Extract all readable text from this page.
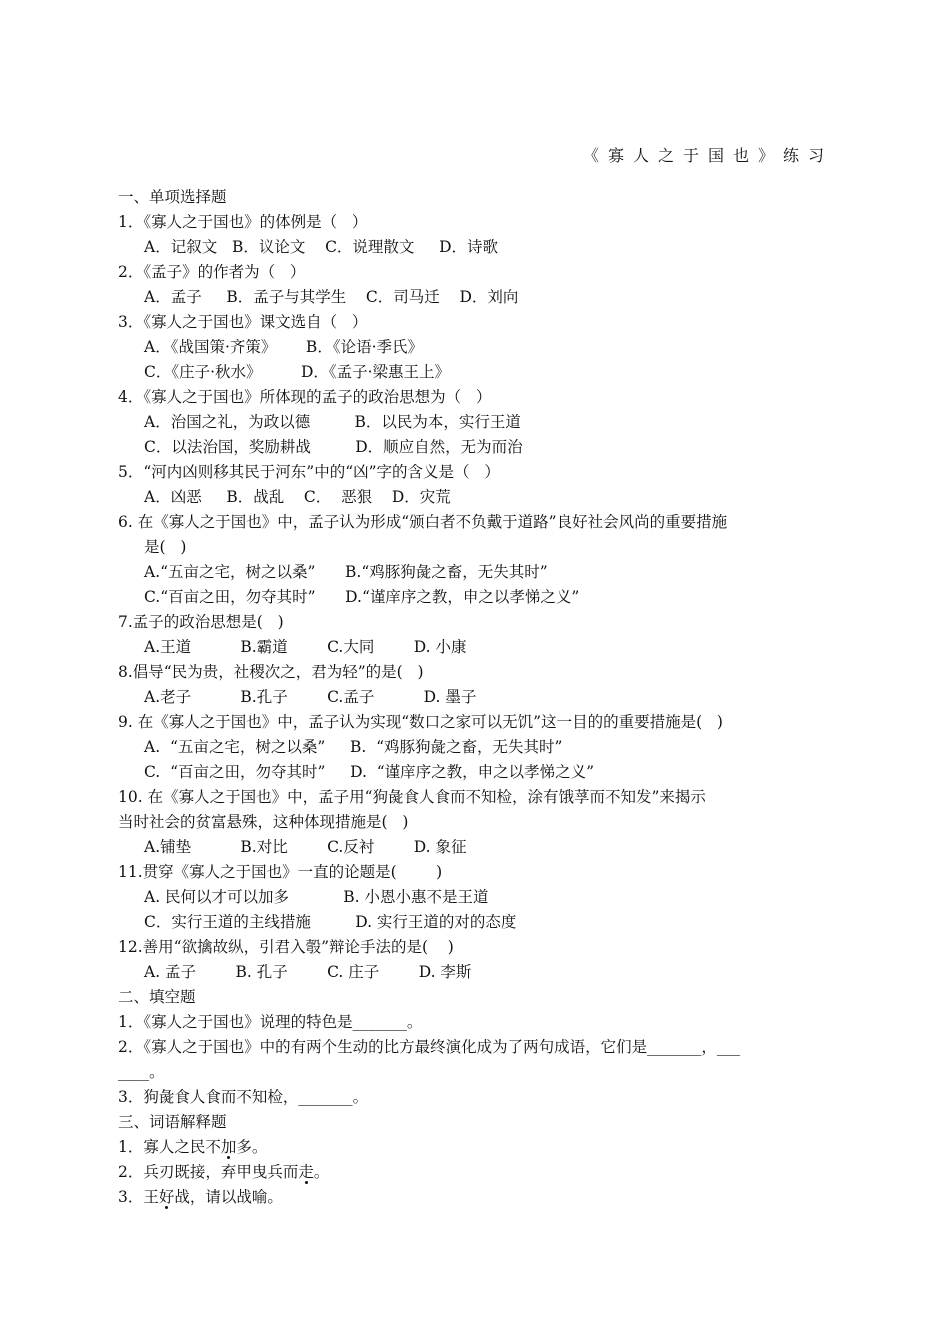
《寡人之于国也》练习
一、单项选择题
1．《寡人之于国也》的体例是（   ）
A．记叙文   B．议论文    C．说理散文     D．诗歌
2．《孟子》的作者为（   ）
A．孟子     B．孟子与其学生    C．司马迁    D．刘向
3．《寡人之于国也》课文选自（   ）
A．《战国策·齐策》      B．《论语·季氏》
C．《庄子·秋水》        D．《孟子·梁惠王上》
4．《寡人之于国也》所体现的孟子的政治思想为（   ）
A．治国之礼，为政以德         B．以民为本，实行王道
C．以法治国，奖励耕战         D．顺应自然，无为而治
5．“河内凶则移其民于河东”中的“凶”字的含义是（   ）
A．凶恶     B．战乱    C．  恶狠    D．灾荒
6. 在《寡人之于国也》中，孟子认为形成“颁白者不负戴于道路”良好社会风尚的重要措施
是(   )
A.“五亩之宅，树之以桑”      B.“鸡豚狗彘之畜，无失其时”
C.“百亩之田，勿夺其时”      D.“谨庠序之教，申之以孝悌之义”
7.孟子的政治思想是(   )
A.王道          B.霸道        C.大同        D. 小康
8.倡导“民为贵，社稷次之，君为轻”的是(   )
A.老子          B.孔子        C.孟子          D. 墨子
9. 在《寡人之于国也》中，孟子认为实现“数口之家可以无饥”这一目的的重要措施是(   )
A.  “五亩之宅，树之以桑”     B.  “鸡豚狗彘之畜，无失其时”
C.  “百亩之田，勿夺其时”     D.  “谨庠序之教，申之以孝悌之义”
10. 在《寡人之于国也》中，孟子用“狗彘食人食而不知检，涂有饿莩而不知发”来揭示
当时社会的贫富悬殊，这种体现措施是(   )
A.铺垫          B.对比        C.反衬        D. 象征
11.贯穿《寡人之于国也》一直的论题是(        )
A. 民何以才可以加多           B. 小恩小惠不是王道
C．实行王道的主线措施         D. 实行王道的对的态度
12.善用“欲擒故纵，引君入彀”辩论手法的是(    )
A. 孟子        B. 孔子        C. 庄子        D. 李斯
二、填空题
1．《寡人之于国也》说理的特色是_______。
2．《寡人之于国也》中的有两个生动的比方最终演化成为了两句成语，它们是_______，___
____。
3．狗彘食人食而不知检，_______。
三、词语解释题
1．寡人之民不加多。
2．兵刃既接，弃甲曳兵而走。
3．王好战，请以战喻。
